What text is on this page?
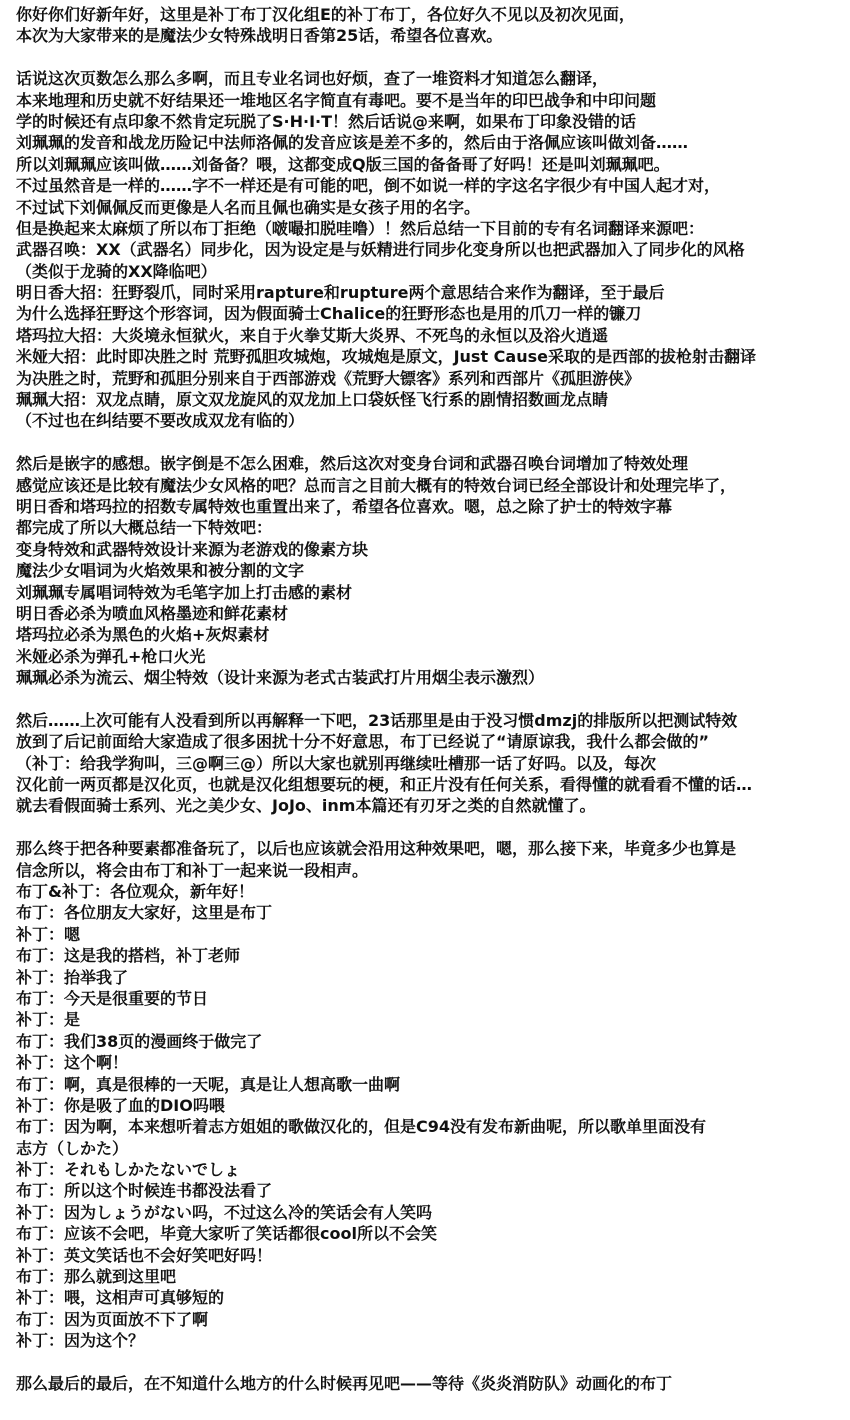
你好你们好新年好，这里是补丁布丁汉化组E的补丁布丁，各位好久不见以及初次见面，
本次为大家带来的是魔法少女特殊战明日香第25话，希望各位喜欢。
话说这次页数怎么那么多啊，而且专业名词也好烦，查了一堆资料才知道怎么翻译，
本来地理和历史就不好结果还一堆地区名字简直有毒吧。要不是当年的印巴战争和中印问题
学的时候还有点印象不然肯定玩脱了S·H·I·T！然后话说@来啊，如果布丁印象没错的话
刘珮珮的发音和战龙历险记中法师洛佩的发音应该是差不多的，然后由于洛佩应该叫做刘备……
所以刘珮珮应该叫做……刘备备？喂，这都变成Q版三国的备备哥了好吗！还是叫刘珮珮吧。
不过虽然音是一样的……字不一样还是有可能的吧，倒不如说一样的字这名字很少有中国人起才对，
不过试下刘佩佩反而更像是人名而且佩也确实是女孩子用的名字。
但是换起来太麻烦了所以布丁拒绝（啵嘬扣脱哇噜）！然后总结一下目前的专有名词翻译来源吧：
武器召唤：XX（武器名）同步化，因为设定是与妖精进行同步化变身所以也把武器加入了同步化的风格
（类似于龙骑的XX降临吧）
明日香大招：狂野裂爪，同时采用rapture和rupture两个意思结合来作为翻译，至于最后
为什么选择狂野这个形容词，因为假面骑士Chalice的狂野形态也是用的爪刀一样的镰刀
塔玛拉大招：大炎境永恒狱火，来自于火拳艾斯大炎界、不死鸟的永恒以及浴火逍遥
米娅大招：此时即决胜之时 荒野孤胆攻城炮，攻城炮是原文，Just Cause采取的是西部的拔枪射击翻译
为决胜之时，荒野和孤胆分别来自于西部游戏《荒野大镖客》系列和西部片《孤胆游侠》
珮珮大招：双龙点睛，原文双龙旋风的双龙加上口袋妖怪飞行系的剧情招数画龙点睛
（不过也在纠结要不要改成双龙有临的）
然后是嵌字的感想。嵌字倒是不怎么困难，然后这次对变身台词和武器召唤台词增加了特效处理
感觉应该还是比较有魔法少女风格的吧？总而言之目前大概有的特效台词已经全部设计和处理完毕了，
明日香和塔玛拉的招数专属特效也重置出来了，希望各位喜欢。嗯，总之除了护士的特效字幕
都完成了所以大概总结一下特效吧：
变身特效和武器特效设计来源为老游戏的像素方块
魔法少女唱词为火焰效果和被分割的文字
刘珮珮专属唱词特效为毛笔字加上打击感的素材
明日香必杀为喷血风格墨迹和鲜花素材
塔玛拉必杀为黑色的火焰+灰烬素材
米娅必杀为弹孔+枪口火光
珮珮必杀为流云、烟尘特效（设计来源为老式古装武打片用烟尘表示激烈）
然后……上次可能有人没看到所以再解释一下吧，23话那里是由于没习惯dmzj的排版所以把测试特效
放到了后记前面给大家造成了很多困扰十分不好意思，布丁已经说了“请原谅我，我什么都会做的”
（补丁：给我学狗叫，三@啊三@）所以大家也就别再继续吐槽那一话了好吗。以及，每次
汉化前一两页都是汉化页，也就是汉化组想要玩的梗，和正片没有任何关系，看得懂的就看看不懂的话…
就去看假面骑士系列、光之美少女、JoJo、inm本篇还有刃牙之类的自然就懂了。
那么终于把各种要素都准备玩了，以后也应该就会沿用这种效果吧，嗯，那么接下来，毕竟多少也算是
信念所以，将会由布丁和补丁一起来说一段相声。
布丁&补丁：各位观众，新年好！
布丁：各位朋友大家好，这里是布丁
补丁：嗯
布丁：这是我的搭档，补丁老师
补丁：抬举我了
布丁：今天是很重要的节日
补丁：是
布丁：我们38页的漫画终于做完了
补丁：这个啊！
布丁：啊，真是很棒的一天呢，真是让人想高歌一曲啊
补丁：你是吸了血的DIO吗喂
布丁：因为啊，本来想听着志方姐姐的歌做汉化的，但是C94没有发布新曲呢，所以歌单里面没有
志方（しかた）
补丁：それもしかたないでしょ
布丁：所以这个时候连书都没法看了
补丁：因为しょうがない吗，不过这么冷的笑话会有人笑吗
布丁：应该不会吧，毕竟大家听了笑话都很cool所以不会笑
补丁：英文笑话也不会好笑吧好吗！
布丁：那么就到这里吧
补丁：喂，这相声可真够短的
布丁：因为页面放不下了啊
补丁：因为这个？
那么最后的最后，在不知道什么地方的什么时候再见吧——等待《炎炎消防队》动画化的布丁
